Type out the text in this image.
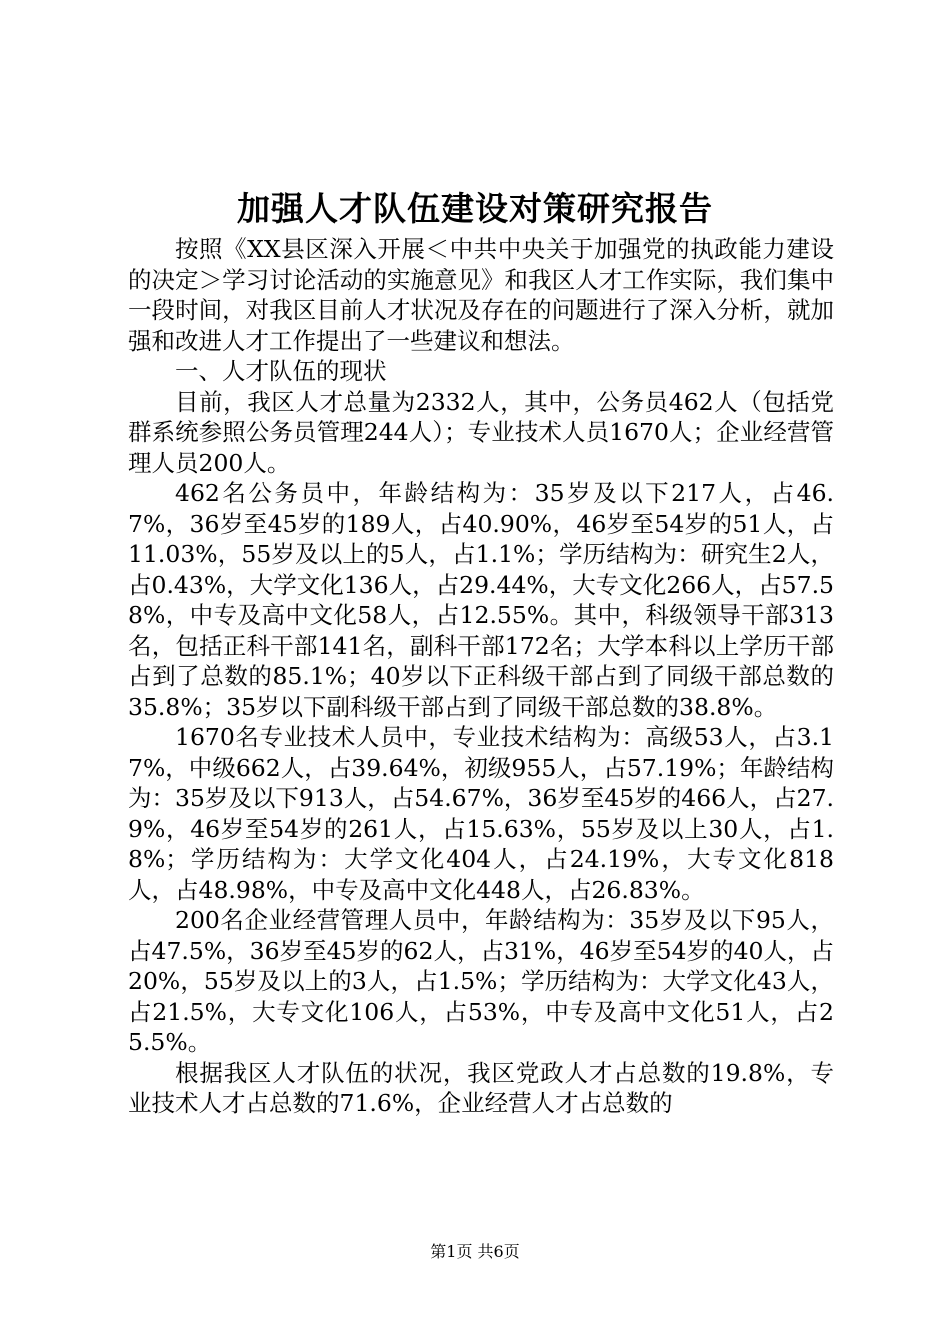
加强人才队伍建设对策研究报告

按照《XX县区深入开展＜中共中央关于加强党的执政能力建设的决定＞学习讨论活动的实施意见》和我区人才工作实际，我们集中一段时间，对我区目前人才状况及存在的问题进行了深入分析，就加强和改进人才工作提出了一些建议和想法。

一、人才队伍的现状

目前，我区人才总量为2332人，其中，公务员462人（包括党群系统参照公务员管理244人）；专业技术人员1670人；企业经营管理人员200人。

462名公务员中，年龄结构为：35岁及以下217人，占46.7%，36岁至45岁的189人，占40.90%，46岁至54岁的51人，占11.03%，55岁及以上的5人，占1.1%；学历结构为：研究生2人，占0.43%，大学文化136人，占29.44%，大专文化266人，占57.58%，中专及高中文化58人，占12.55%。其中，科级领导干部313名，包括正科干部141名，副科干部172名；大学本科以上学历干部占到了总数的85.1%；40岁以下正科级干部占到了同级干部总数的35.8%；35岁以下副科级干部占到了同级干部总数的38.8%。

1670名专业技术人员中，专业技术结构为：高级53人，占3.17%，中级662人，占39.64%，初级955人，占57.19%；年龄结构为：35岁及以下913人，占54.67%，36岁至45岁的466人，占27.9%，46岁至54岁的261人，占15.63%，55岁及以上30人，占1.8%；学历结构为：大学文化404人，占24.19%，大专文化818人，占48.98%，中专及高中文化448人，占26.83%。

200名企业经营管理人员中，年龄结构为：35岁及以下95人，占47.5%，36岁至45岁的62人，占31%，46岁至54岁的40人，占20%，55岁及以上的3人，占1.5%；学历结构为：大学文化43人，占21.5%，大专文化106人，占53%，中专及高中文化51人，占25.5%。

根据我区人才队伍的状况，我区党政人才占总数的19.8%，专业技术人才占总数的71.6%，企业经营人才占总数的

第1页 共6页
